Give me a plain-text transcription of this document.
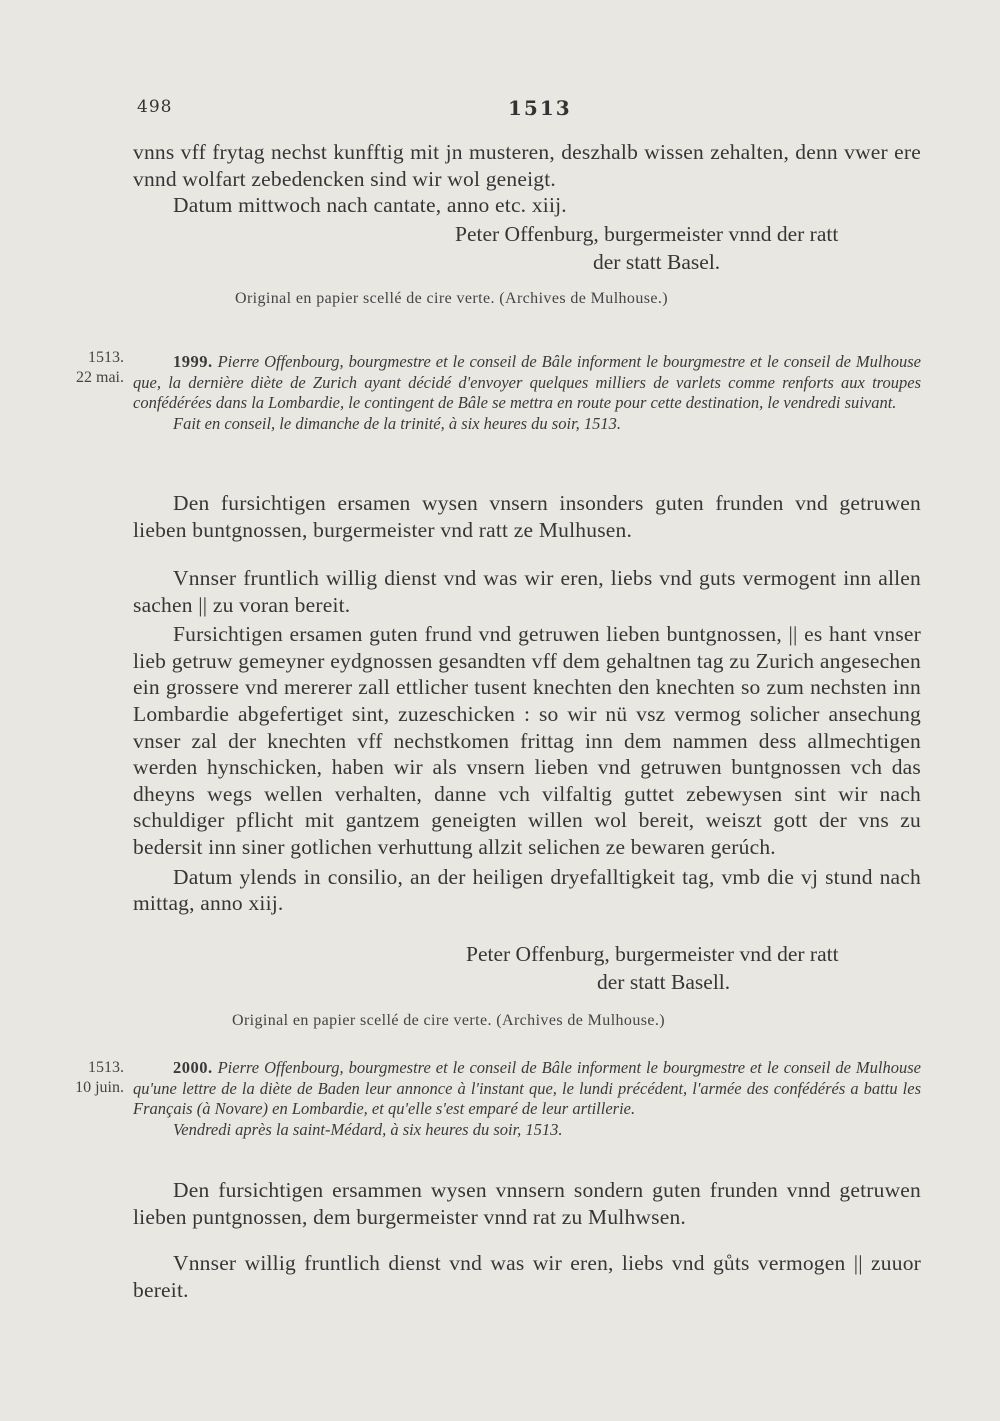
498	1513

vnns vff frytag nechst kunfftig mit jn musteren, deszhalb wissen zehalten, denn vwer ere vnnd wolfart zebedencken sind wir wol geneigt.

Datum mittwoch nach cantate, anno etc. xiij.

Peter Offenburg, burgermeister vnnd der ratt

der statt Basel.

Original en papier scellé de cire verte. (Archives de Mulhouse.)

1513.
22 mai.

1999. Pierre Offenbourg, bourgmestre et le conseil de Bâle informent le bourgmestre et le conseil de Mulhouse que, la dernière diète de Zurich ayant décidé d'envoyer quelques milliers de varlets comme renforts aux troupes confédérées dans la Lombardie, le contingent de Bâle se mettra en route pour cette destination, le vendredi suivant.

Fait en conseil, le dimanche de la trinité, à six heures du soir, 1513.

Den fursichtigen ersamen wysen vnsern insonders guten frunden vnd getruwen lieben buntgnossen, burgermeister vnd ratt ze Mulhusen.

Vnnser fruntlich willig dienst vnd was wir eren, liebs vnd guts vermogent inn allen sachen || zu voran bereit.

Fursichtigen ersamen guten frund vnd getruwen lieben buntgnossen, || es hant vnser lieb getruw gemeyner eydgnossen gesandten vff dem gehaltnen tag zu Zurich angesechen ein grossere vnd mererer zall ettlicher tusent knechten den knechten so zum nechsten inn Lombardie abgefertiget sint, zuzeschicken : so wir nü vsz vermog solicher ansechung vnser zal der knechten vff nechstkomen frittag inn dem nammen dess allmechtigen werden hynschicken, haben wir als vnsern lieben vnd getruwen buntgnossen vch das dheyns wegs wellen verhalten, danne vch vilfaltig guttet zebewysen sint wir nach schuldiger pflicht mit gantzem geneigten willen wol bereit, weiszt gott der vns zu bedersit inn siner gotlichen verhuttung allzit selichen ze bewaren gerúch.

Datum ylends in consilio, an der heiligen dryefalltigkeit tag, vmb die vj stund nach mittag, anno xiij.

Peter Offenburg, burgermeister vnd der ratt

der statt Basell.

Original en papier scellé de cire verte. (Archives de Mulhouse.)

1513.
10 juin.

2000. Pierre Offenbourg, bourgmestre et le conseil de Bâle informent le bourgmestre et le conseil de Mulhouse qu'une lettre de la diète de Baden leur annonce à l'instant que, le lundi précédent, l'armée des confédérés a battu les Français (à Novare) en Lombardie, et qu'elle s'est emparé de leur artillerie.

Vendredi après la saint-Médard, à six heures du soir, 1513.

Den fursichtigen ersammen wysen vnnsern sondern guten frunden vnnd getruwen lieben puntgnossen, dem burgermeister vnnd rat zu Mulhwsen.

Vnnser willig fruntlich dienst vnd was wir eren, liebs vnd gůts vermogen || zuuor bereit.
